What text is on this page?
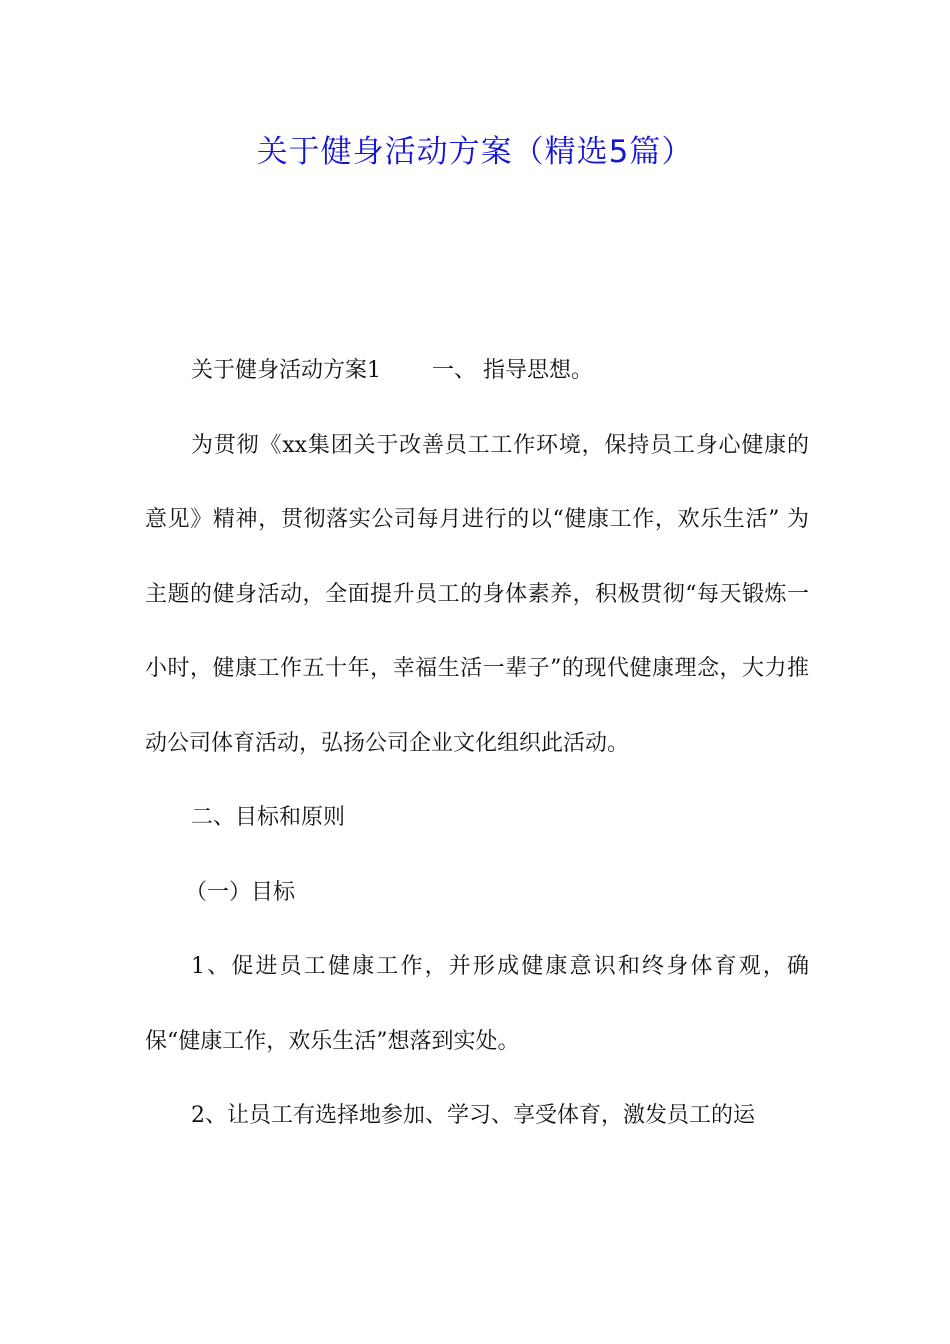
关于健身活动方案（精选5篇）

关于健身活动方案1　　 一、 指导思想。

为贯彻《xx集团关于改善员工工作环境，保持员工身心健康的意见》精神，贯彻落实公司每月进行的以“健康工作，欢乐生活” 为主题的健身活动，全面提升员工的身体素养，积极贯彻“每天锻炼一小时，健康工作五十年，幸福生活一辈子”的现代健康理念，大力推动公司体育活动，弘扬公司企业文化组织此活动。

二、目标和原则

（一）目标

1、促进员工健康工作，并形成健康意识和终身体育观，确保“健康工作，欢乐生活”想落到实处。

2、让员工有选择地参加、学习、享受体育，激发员工的运
